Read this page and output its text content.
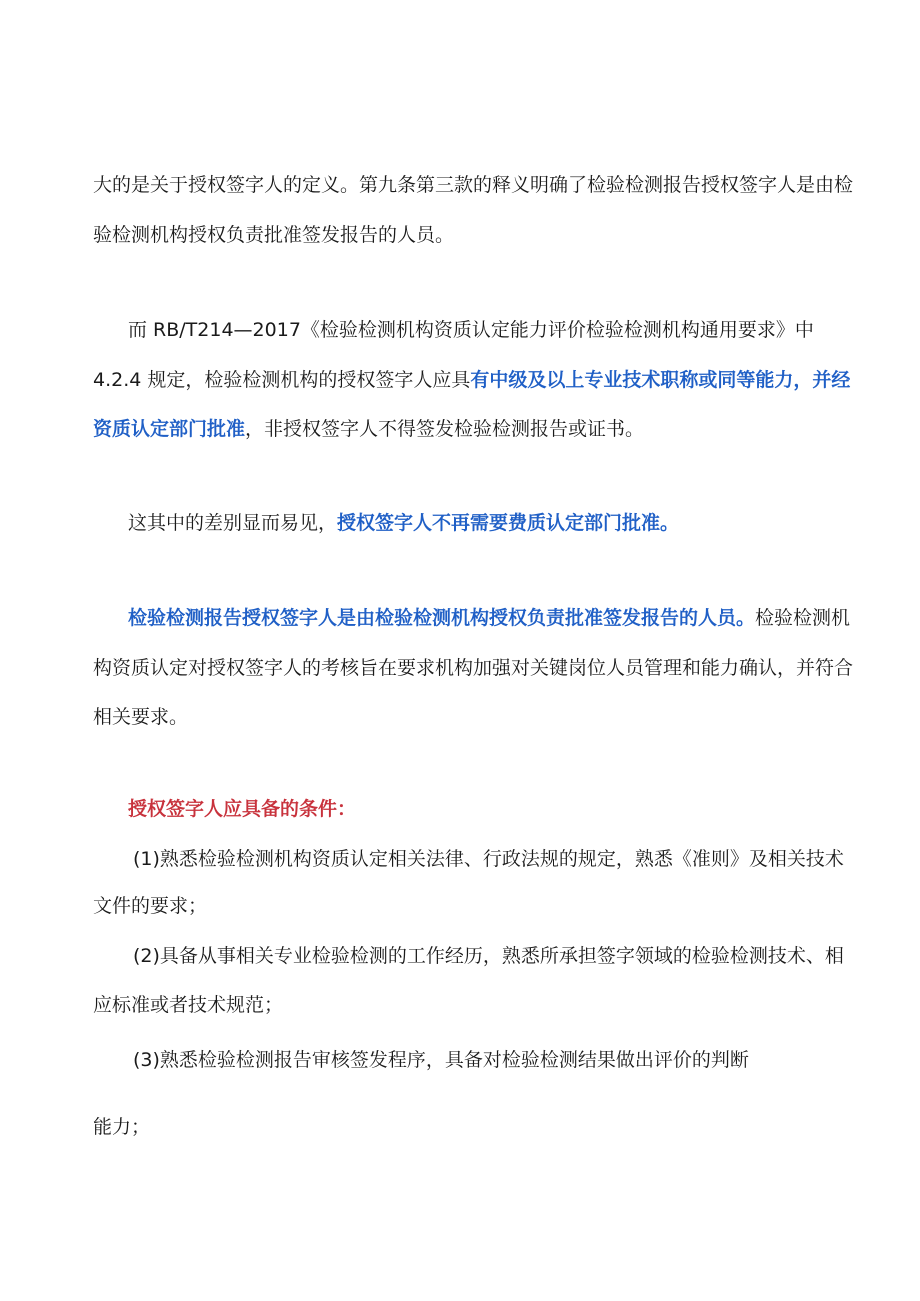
大的是关于授权签字人的定义。第九条第三款的释义明确了检验检测报告授权签字人是由检
验检测机构授权负责批准签发报告的人员。
而 RB/T214—2017《检验检测机构资质认定能力评价检验检测机构通用要求》中
4.2.4 规定，检验检测机构的授权签字人应具有中级及以上专业技术职称或同等能力，并经
资质认定部门批准，非授权签字人不得签发检验检测报告或证书。
这其中的差别显而易见，授权签字人不再需要费质认定部门批准。
检验检测报告授权签字人是由检验检测机构授权负责批准签发报告的人员。检验检测机
构资质认定对授权签字人的考核旨在要求机构加强对关键岗位人员管理和能力确认，并符合
相关要求。
授权签字人应具备的条件：
(1)熟悉检验检测机构资质认定相关法律、行政法规的规定，熟悉《准则》及相关技术
文件的要求；
(2)具备从事相关专业检验检测的工作经历，熟悉所承担签字领域的检验检测技术、相
应标准或者技术规范；
(3)熟悉检验检测报告审核签发程序，具备对检验检测结果做出评价的判断
能力；
